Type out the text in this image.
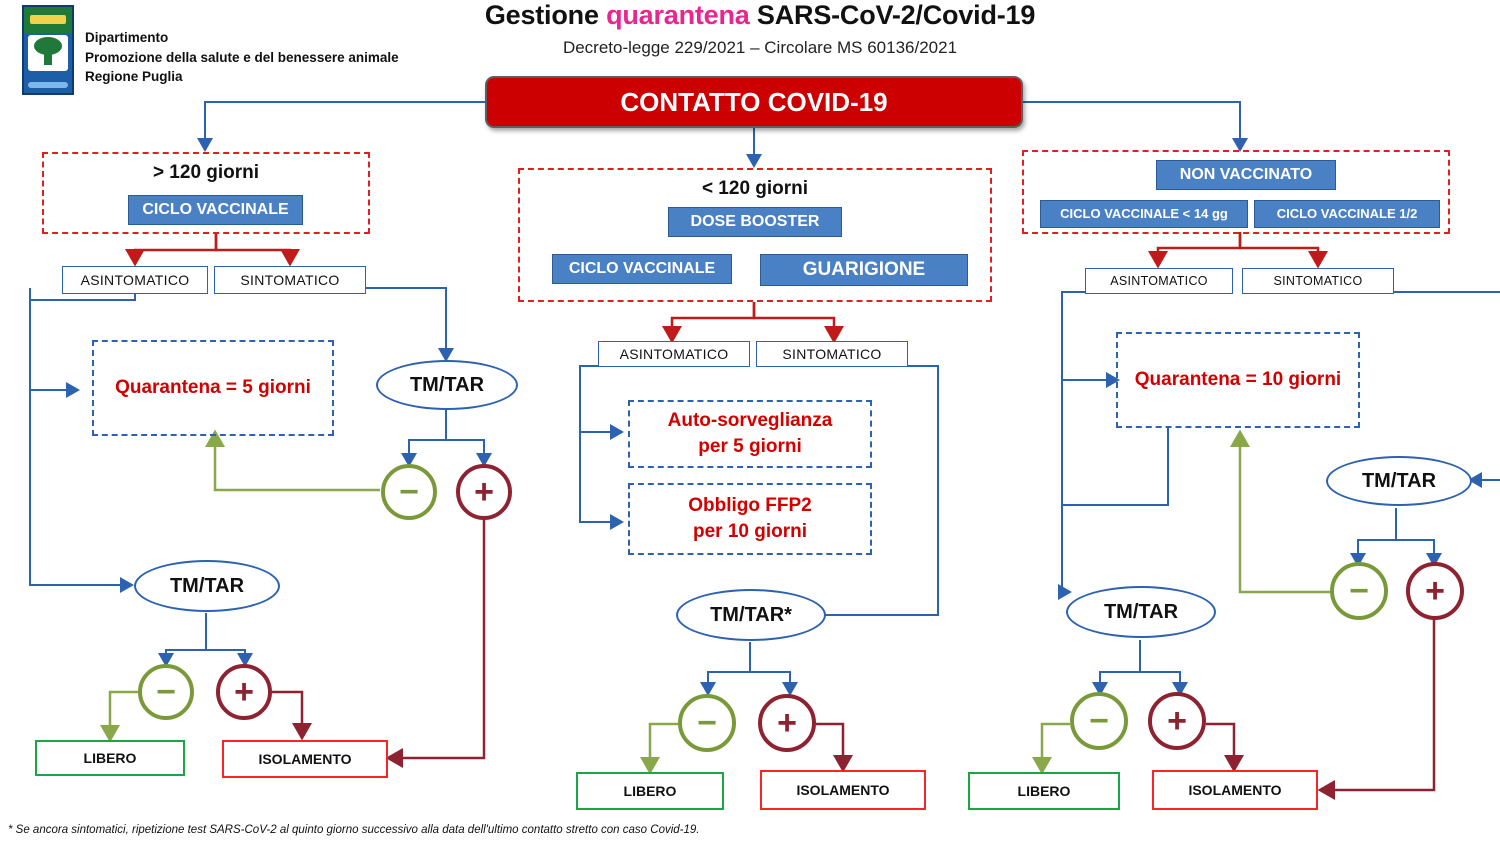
Dipartimento
Promozione della salute e del benessere animale
Regione Puglia
Gestione quarantena SARS-CoV-2/Covid-19
Decreto-legge 229/2021 – Circolare MS 60136/2021
CONTATTO COVID-19
> 120 giorni
CICLO VACCINALE
ASINTOMATICO	SINTOMATICO
Quarantena = 5 giorni	TM/TAR
−	+
TM/TAR
−	+
LIBERO	ISOLAMENTO
< 120 giorni
DOSE BOOSTER
CICLO VACCINALE	GUARIGIONE
ASINTOMATICO	SINTOMATICO
Auto-sorveglianza
per 5 giorni
Obbligo FFP2
per 10 giorni
TM/TAR*
−	+
LIBERO	ISOLAMENTO
NON VACCINATO
CICLO VACCINALE < 14 gg	CICLO VACCINALE 1/2
ASINTOMATICO	SINTOMATICO
Quarantena = 10 giorni
TM/TAR
−	+
TM/TAR
−	+
LIBERO	ISOLAMENTO
* Se ancora sintomatici, ripetizione test SARS-CoV-2 al quinto giorno successivo alla data dell'ultimo contatto stretto con caso Covid-19.
